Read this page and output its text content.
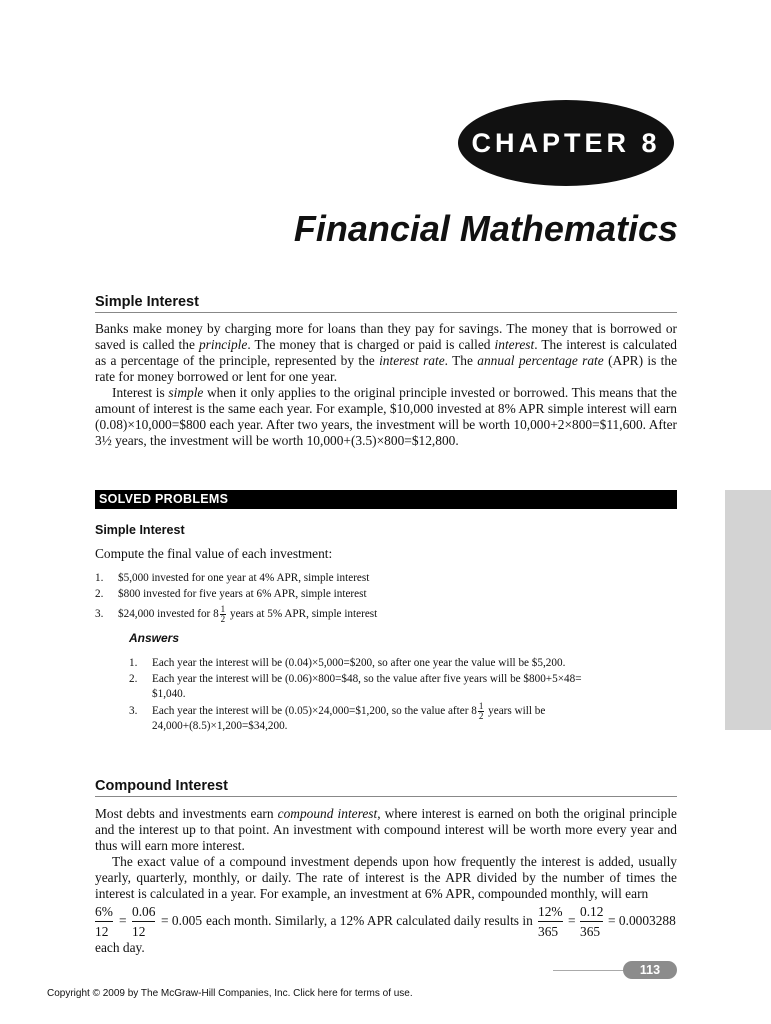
CHAPTER 8
Financial Mathematics
Simple Interest

Banks make money by charging more for loans than they pay for savings. The money that is borrowed or saved is called the principle. The money that is charged or paid is called interest. The interest is calculated as a percentage of the principle, represented by the interest rate. The annual percentage rate (APR) is the rate for money borrowed or lent for one year.

Interest is simple when it only applies to the original principle invested or borrowed. This means that the amount of interest is the same each year. For example, $10,000 invested at 8% APR simple interest will earn (0.08)×10,000=$800 each year. After two years, the investment will be worth 10,000+2×800=$11,600. After 3½ years, the investment will be worth 10,000+(3.5)×800=$12,800.

SOLVED PROBLEMS
Simple Interest
Compute the final value of each investment:
1. $5,000 invested for one year at 4% APR, simple interest
2. $800 invested for five years at 6% APR, simple interest
3. $24,000 invested for $8 \frac{1}{2}$ years at 5% APR, simple interest
Answers
1. Each year the interest will be (0.04)×5,000=$200, so after one year the value will be $5,200.
2. Each year the interest will be (0.06)×800=$48, so the value after five years will be $800+5×48=
$1,040.
3. Each year the interest will be (0.05)×24,000=$1,200, so the value after $8 \frac{1}{2}$ years will be
24,000+(8.5)×1,200=$34,200.
Compound Interest

Most debts and investments earn compound interest, where interest is earned on both the original principle and the interest up to that point. An investment with compound interest will be worth more every year and thus will earn more interest.

The exact value of a compound investment depends upon how frequently the interest is added, usually yearly, quarterly, monthly, or daily. The rate of interest is the APR divided by the number of times the interest is calculated in a year. For example, an investment at 6% APR, compounded monthly, will earn

6%
12
=
0.06
12
= 0.005 each month. Similarly, a 12% APR calculated daily results in
12%
365
=
0.12
365
= 0.0003288
each day.
113
Copyright © 2009 by The McGraw-Hill Companies, Inc. Click here for terms of use.
